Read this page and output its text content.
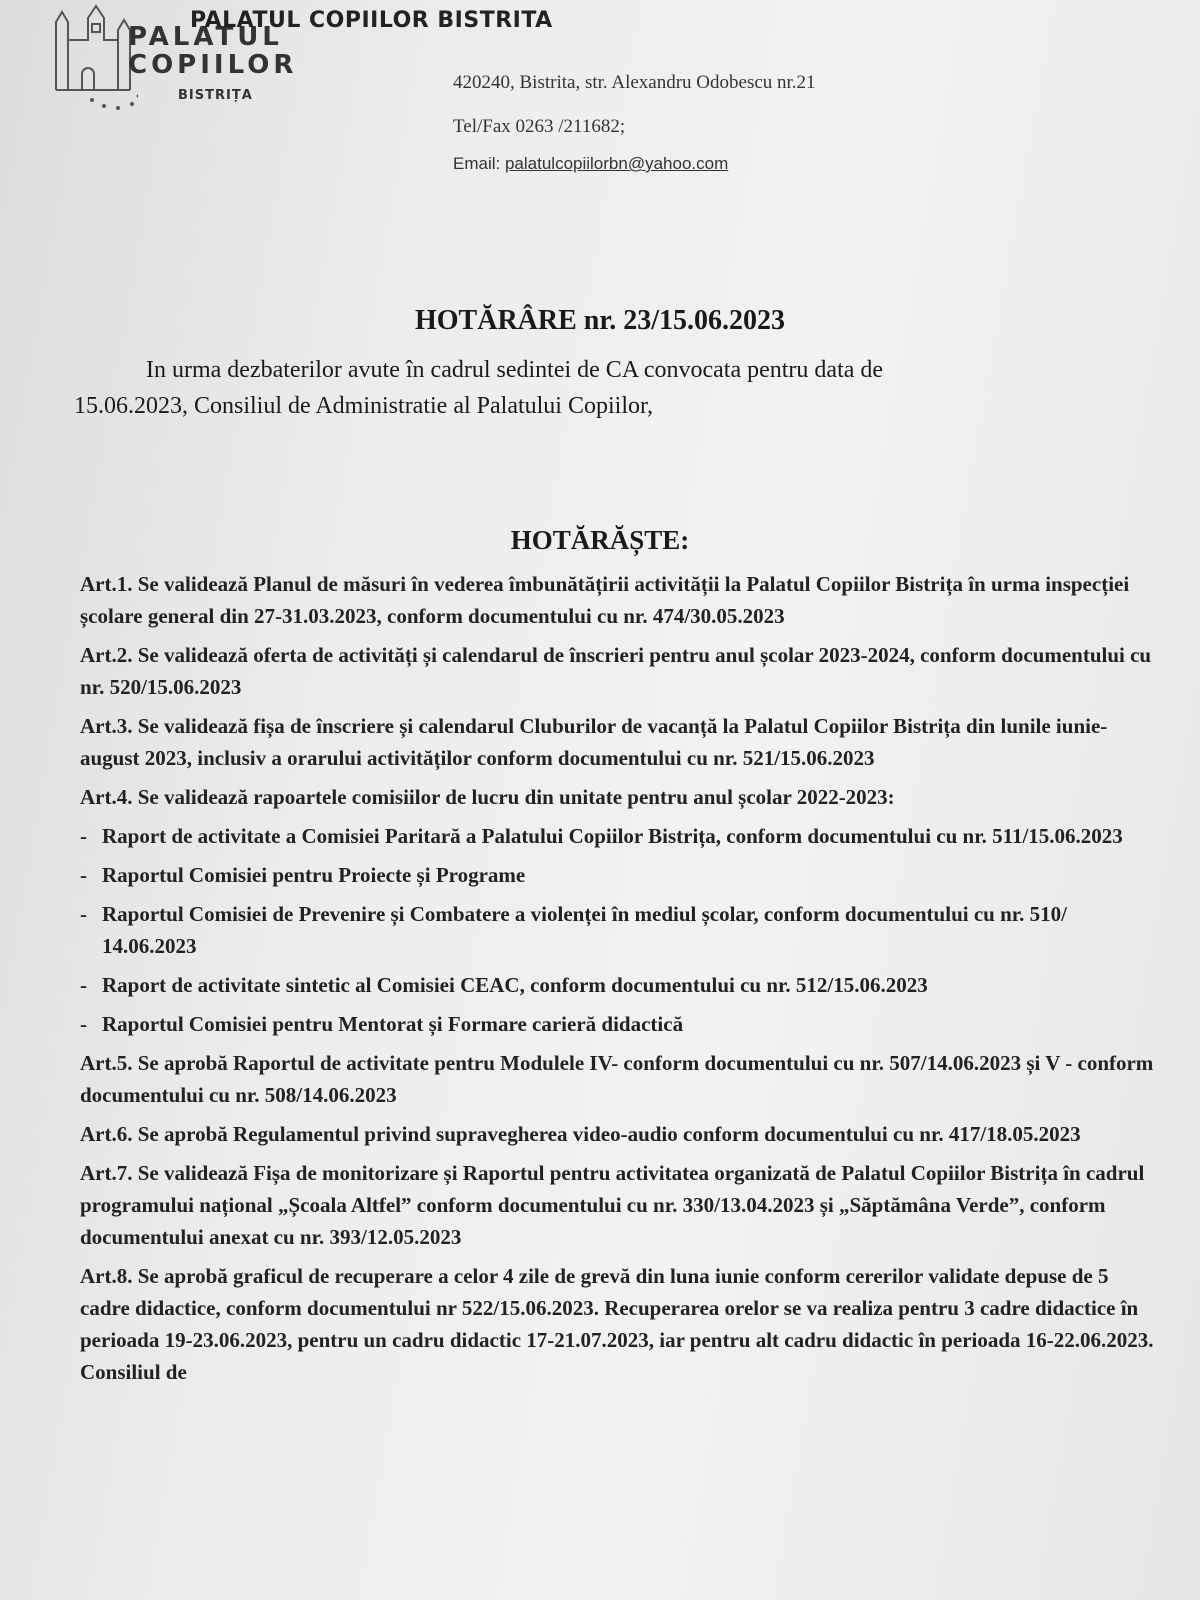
PALATUL
COPIILOR
BISTRIȚA
PALATUL COPIILOR BISTRITA
420240, Bistrita, str. Alexandru Odobescu nr.21
Tel/Fax 0263 /211682;
Email: palatulcopiilorbn@yahoo.com
HOTĂRÂRE nr. 23/15.06.2023
In urma dezbaterilor avute în cadrul sedintei de CA convocata pentru data de
15.06.2023, Consiliul de Administratie al Palatului Copiilor,
HOTĂRĂȘTE:
Art.1. Se validează Planul de măsuri în vederea îmbunătățirii activității la Palatul Copiilor Bistrița în urma inspecției școlare general din 27-31.03.2023, conform documentului cu nr. 474/30.05.2023
Art.2. Se validează oferta de activități și calendarul de înscrieri pentru anul școlar 2023-2024, conform documentului cu nr. 520/15.06.2023
Art.3. Se validează fișa de înscriere și calendarul Cluburilor de vacanță la Palatul Copiilor Bistrița din lunile iunie-august 2023, inclusiv a orarului activităților conform documentului cu nr. 521/15.06.2023
Art.4. Se validează rapoartele comisiilor de lucru din unitate pentru anul școlar 2022-2023:
- Raport de activitate a Comisiei Paritară a Palatului Copiilor Bistrița, conform documentului cu nr. 511/15.06.2023
- Raportul Comisiei pentru Proiecte și Programe
- Raportul Comisiei de Prevenire și Combatere a violenței în mediul școlar, conform documentului cu nr. 510/ 14.06.2023
- Raport de activitate sintetic al Comisiei CEAC, conform documentului cu nr. 512/15.06.2023
- Raportul Comisiei pentru Mentorat și Formare carieră didactică
Art.5. Se aprobă Raportul de activitate pentru Modulele IV- conform documentului cu nr. 507/14.06.2023 și V - conform documentului cu nr. 508/14.06.2023
Art.6. Se aprobă Regulamentul privind supravegherea video-audio conform documentului cu nr. 417/18.05.2023
Art.7. Se validează Fișa de monitorizare și Raportul pentru activitatea organizată de Palatul Copiilor Bistrița în cadrul programului național „Școala Altfel” conform documentului cu nr. 330/13.04.2023 și „Săptămâna Verde”, conform documentului anexat cu nr. 393/12.05.2023
Art.8. Se aprobă graficul de recuperare a celor 4 zile de grevă din luna iunie conform cererilor validate depuse de 5 cadre didactice, conform documentului nr 522/15.06.2023. Recuperarea orelor se va realiza pentru 3 cadre didactice în perioada 19-23.06.2023, pentru un cadru didactic 17-21.07.2023, iar pentru alt cadru didactic în perioada 16-22.06.2023. Consiliul de
